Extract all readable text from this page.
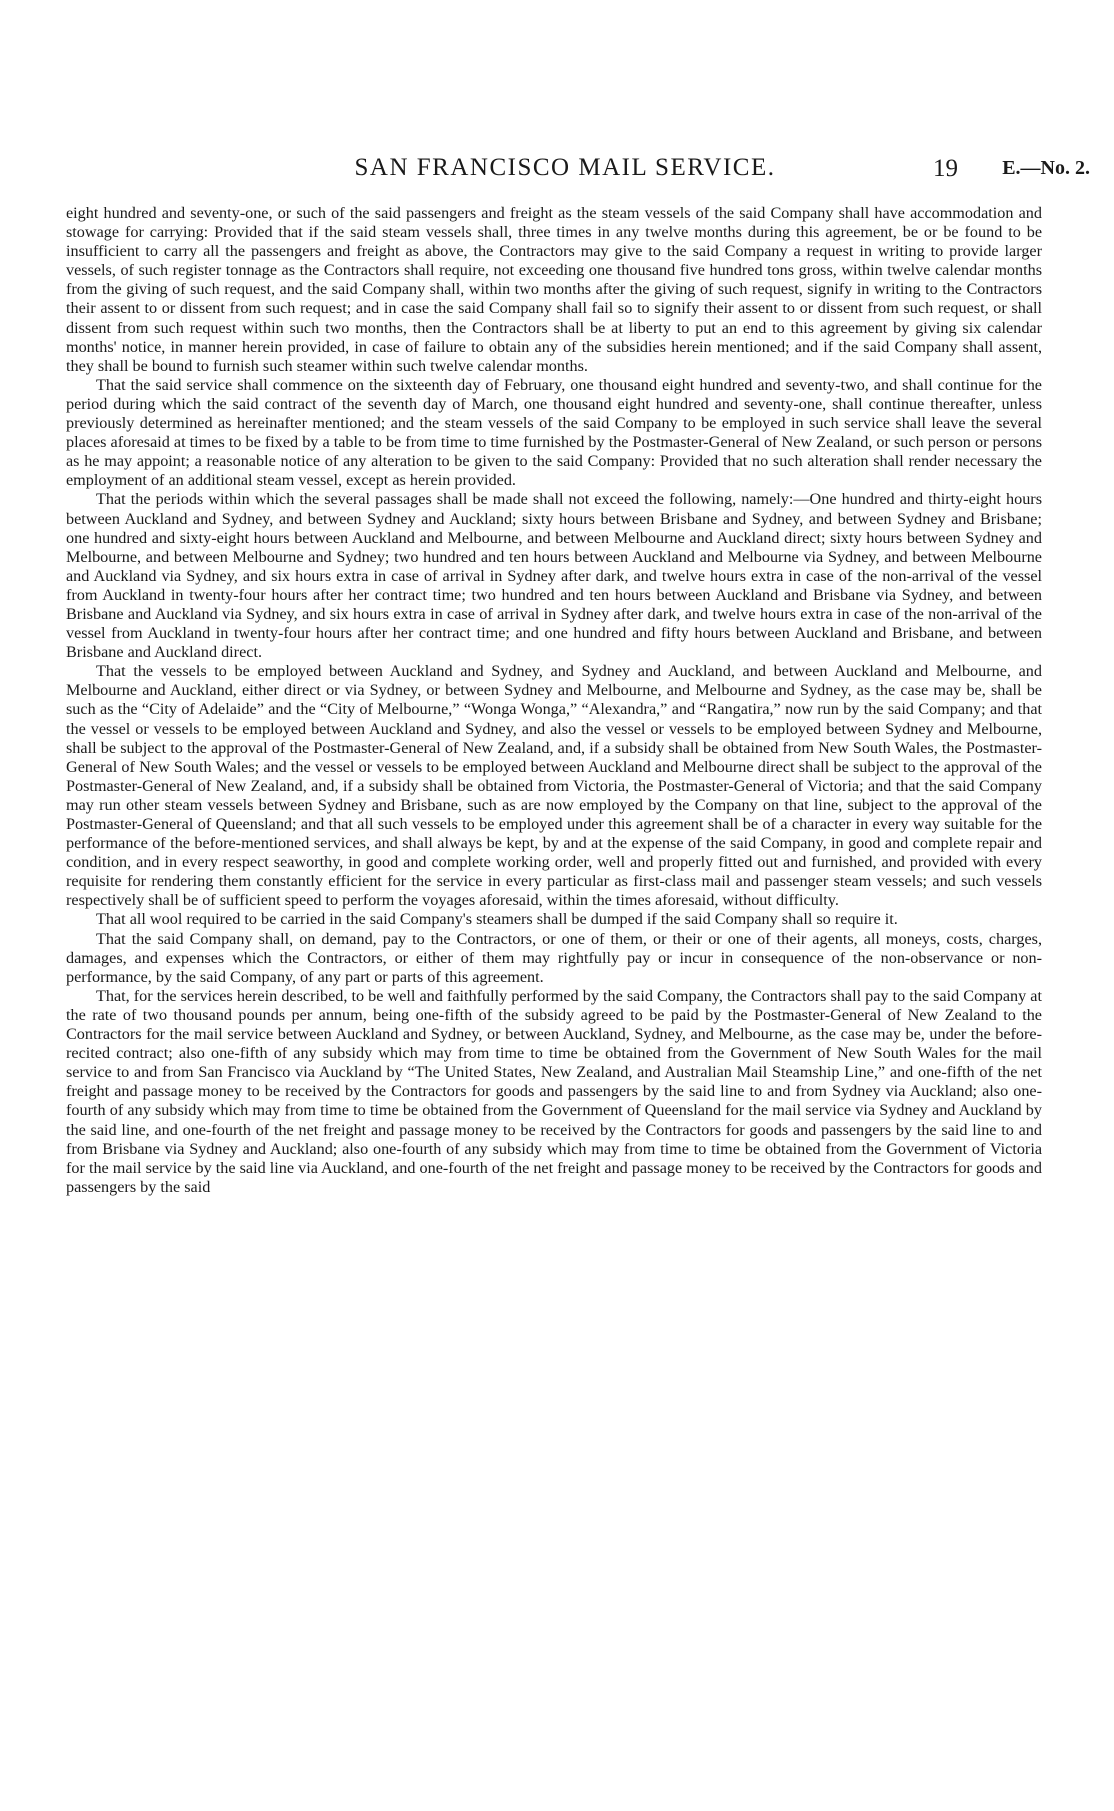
SAN FRANCISCO MAIL SERVICE.	19 E.—No. 2.

eight hundred and seventy-one, or such of the said passengers and freight as the steam vessels of the said Company shall have accommodation and stowage for carrying: Provided that if the said steam vessels shall, three times in any twelve months during this agreement, be or be found to be insufficient to carry all the passengers and freight as above, the Contractors may give to the said Company a request in writing to provide larger vessels, of such register tonnage as the Contractors shall require, not exceeding one thousand five hundred tons gross, within twelve calendar months from the giving of such request, and the said Company shall, within two months after the giving of such request, signify in writing to the Contractors their assent to or dissent from such request; and in case the said Company shall fail so to signify their assent to or dissent from such request, or shall dissent from such request within such two months, then the Contractors shall be at liberty to put an end to this agreement by giving six calendar months' notice, in manner herein provided, in case of failure to obtain any of the subsidies herein mentioned; and if the said Company shall assent, they shall be bound to furnish such steamer within such twelve calendar months.

That the said service shall commence on the sixteenth day of February, one thousand eight hundred and seventy-two, and shall continue for the period during which the said contract of the seventh day of March, one thousand eight hundred and seventy-one, shall continue thereafter, unless previously determined as hereinafter mentioned; and the steam vessels of the said Company to be employed in such service shall leave the several places aforesaid at times to be fixed by a table to be from time to time furnished by the Postmaster-General of New Zealand, or such person or persons as he may appoint; a reasonable notice of any alteration to be given to the said Company: Provided that no such alteration shall render necessary the employment of an additional steam vessel, except as herein provided.

That the periods within which the several passages shall be made shall not exceed the following, namely:—One hundred and thirty-eight hours between Auckland and Sydney, and between Sydney and Auckland; sixty hours between Brisbane and Sydney, and between Sydney and Brisbane; one hundred and sixty-eight hours between Auckland and Melbourne, and between Melbourne and Auckland direct; sixty hours between Sydney and Melbourne, and between Melbourne and Sydney; two hundred and ten hours between Auckland and Melbourne via Sydney, and between Melbourne and Auckland via Sydney, and six hours extra in case of arrival in Sydney after dark, and twelve hours extra in case of the non-arrival of the vessel from Auckland in twenty-four hours after her contract time; two hundred and ten hours between Auckland and Brisbane via Sydney, and between Brisbane and Auckland via Sydney, and six hours extra in case of arrival in Sydney after dark, and twelve hours extra in case of the non-arrival of the vessel from Auckland in twenty-four hours after her contract time; and one hundred and fifty hours between Auckland and Brisbane, and between Brisbane and Auckland direct.

That the vessels to be employed between Auckland and Sydney, and Sydney and Auckland, and between Auckland and Melbourne, and Melbourne and Auckland, either direct or via Sydney, or between Sydney and Melbourne, and Melbourne and Sydney, as the case may be, shall be such as the “City of Adelaide” and the “City of Melbourne,” “Wonga Wonga,” “Alexandra,” and “Rangatira,” now run by the said Company; and that the vessel or vessels to be employed between Auckland and Sydney, and also the vessel or vessels to be employed between Sydney and Melbourne, shall be subject to the approval of the Postmaster-General of New Zealand, and, if a subsidy shall be obtained from New South Wales, the Postmaster-General of New South Wales; and the vessel or vessels to be employed between Auckland and Melbourne direct shall be subject to the approval of the Postmaster-General of New Zealand, and, if a subsidy shall be obtained from Victoria, the Postmaster-General of Victoria; and that the said Company may run other steam vessels between Sydney and Brisbane, such as are now employed by the Company on that line, subject to the approval of the Postmaster-General of Queensland; and that all such vessels to be employed under this agreement shall be of a character in every way suitable for the performance of the before-mentioned services, and shall always be kept, by and at the expense of the said Company, in good and complete repair and condition, and in every respect seaworthy, in good and complete working order, well and properly fitted out and furnished, and provided with every requisite for rendering them constantly efficient for the service in every particular as first-class mail and passenger steam vessels; and such vessels respectively shall be of sufficient speed to perform the voyages aforesaid, within the times aforesaid, without difficulty.

That all wool required to be carried in the said Company's steamers shall be dumped if the said Company shall so require it.

That the said Company shall, on demand, pay to the Contractors, or one of them, or their or one of their agents, all moneys, costs, charges, damages, and expenses which the Contractors, or either of them may rightfully pay or incur in consequence of the non-observance or non-performance, by the said Company, of any part or parts of this agreement.

That, for the services herein described, to be well and faithfully performed by the said Company, the Contractors shall pay to the said Company at the rate of two thousand pounds per annum, being one-fifth of the subsidy agreed to be paid by the Postmaster-General of New Zealand to the Contractors for the mail service between Auckland and Sydney, or between Auckland, Sydney, and Melbourne, as the case may be, under the before-recited contract; also one-fifth of any subsidy which may from time to time be obtained from the Government of New South Wales for the mail service to and from San Francisco via Auckland by “The United States, New Zealand, and Australian Mail Steamship Line,” and one-fifth of the net freight and passage money to be received by the Contractors for goods and passengers by the said line to and from Sydney via Auckland; also one-fourth of any subsidy which may from time to time be obtained from the Government of Queensland for the mail service via Sydney and Auckland by the said line, and one-fourth of the net freight and passage money to be received by the Contractors for goods and passengers by the said line to and from Brisbane via Sydney and Auckland; also one-fourth of any subsidy which may from time to time be obtained from the Government of Victoria for the mail service by the said line via Auckland, and one-fourth of the net freight and passage money to be received by the Contractors for goods and passengers by the said
